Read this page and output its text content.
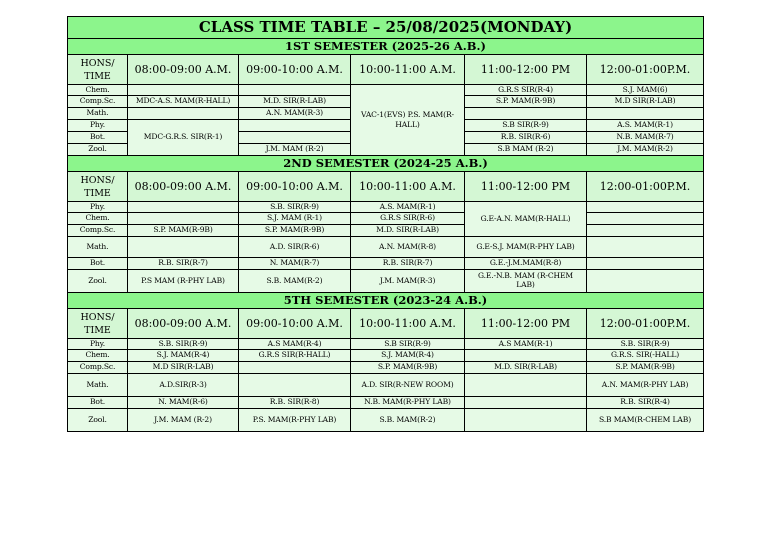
CLASS TIME TABLE – 25/08/2025(MONDAY)					
1ST SEMESTER (2025-26 A.B.)					
HONS/ TIME	08:00-09:00 A.M.	09:00-10:00 A.M.	10:00-11:00 A.M.	11:00-12:00 PM	12:00-01:00P.M.
Chem.			VAC-1(EVS) P.S. MAM(R-HALL)	G.R.S SIR(R-4)	S.J. MAM(6)
Comp.Sc.	MDC-A.S. MAM(R-HALL)	M.D. SIR(R-LAB)		S.P. MAM(R-9B)	M.D SIR(R-LAB)
Math.		A.N. MAM(R-3)			
Phy.	MDC-G.R.S. SIR(R-1)			S.B SIR(R-9)	A.S. MAM(R-1)
Bot.				R.B. SIR(R-6)	N.B. MAM(R-7)
Zool.		J.M. MAM (R-2)		S.B MAM (R-2)	J.M. MAM(R-2)
2ND SEMESTER (2024-25 A.B.)					
HONS/ TIME	08:00-09:00 A.M.	09:00-10:00 A.M.	10:00-11:00 A.M.	11:00-12:00 PM	12:00-01:00P.M.
Phy.		S.B. SIR(R-9)	A.S. MAM(R-1)	G.E-A.N. MAM(R-HALL)	
Chem.		S.J. MAM (R-1)	G.R.S SIR(R-6)		
Comp.Sc.	S.P. MAM(R-9B)	S.P. MAM(R-9B)	M.D. SIR(R-LAB)		
Math.		A.D. SIR(R-6)	A.N. MAM(R-8)	G.E-S.J. MAM(R-PHY LAB)	
Bot.	R.B. SIR(R-7)	N. MAM(R-7)	R.B. SIR(R-7)	G.E.-J.M.MAM(R-8)	
Zool.	P.S MAM (R-PHY LAB)	S.B. MAM(R-2)	J.M. MAM(R-3)	G.E.-N.B. MAM (R-CHEM LAB)	
5TH SEMESTER (2023-24 A.B.)					
HONS/ TIME	08:00-09:00 A.M.	09:00-10:00 A.M.	10:00-11:00 A.M.	11:00-12:00 PM	12:00-01:00P.M.
Phy.	S.B. SIR(R-9)	A.S MAM(R-4)	S.B SIR(R-9)	A.S MAM(R-1)	S.B. SIR(R-9)
Chem.	S.J. MAM(R-4)	G.R.S SIR(R-HALL)	S.J. MAM(R-4)		G.R.S. SIR(-HALL)
Comp.Sc.	M.D SIR(R-LAB)		S.P. MAM(R-9B)	M.D. SIR(R-LAB)	S.P. MAM(R-9B)
Math.	A.D.SIR(R-3)		A.D. SIR(R-NEW ROOM)		A.N. MAM(R-PHY LAB)
Bot.	N. MAM(R-6)	R.B. SIR(R-8)	N.B. MAM(R-PHY LAB)		R.B. SIR(R-4)
Zool.	J.M. MAM (R-2)	P.S. MAM(R-PHY LAB)	S.B. MAM(R-2)		S.B MAM(R-CHEM LAB)
